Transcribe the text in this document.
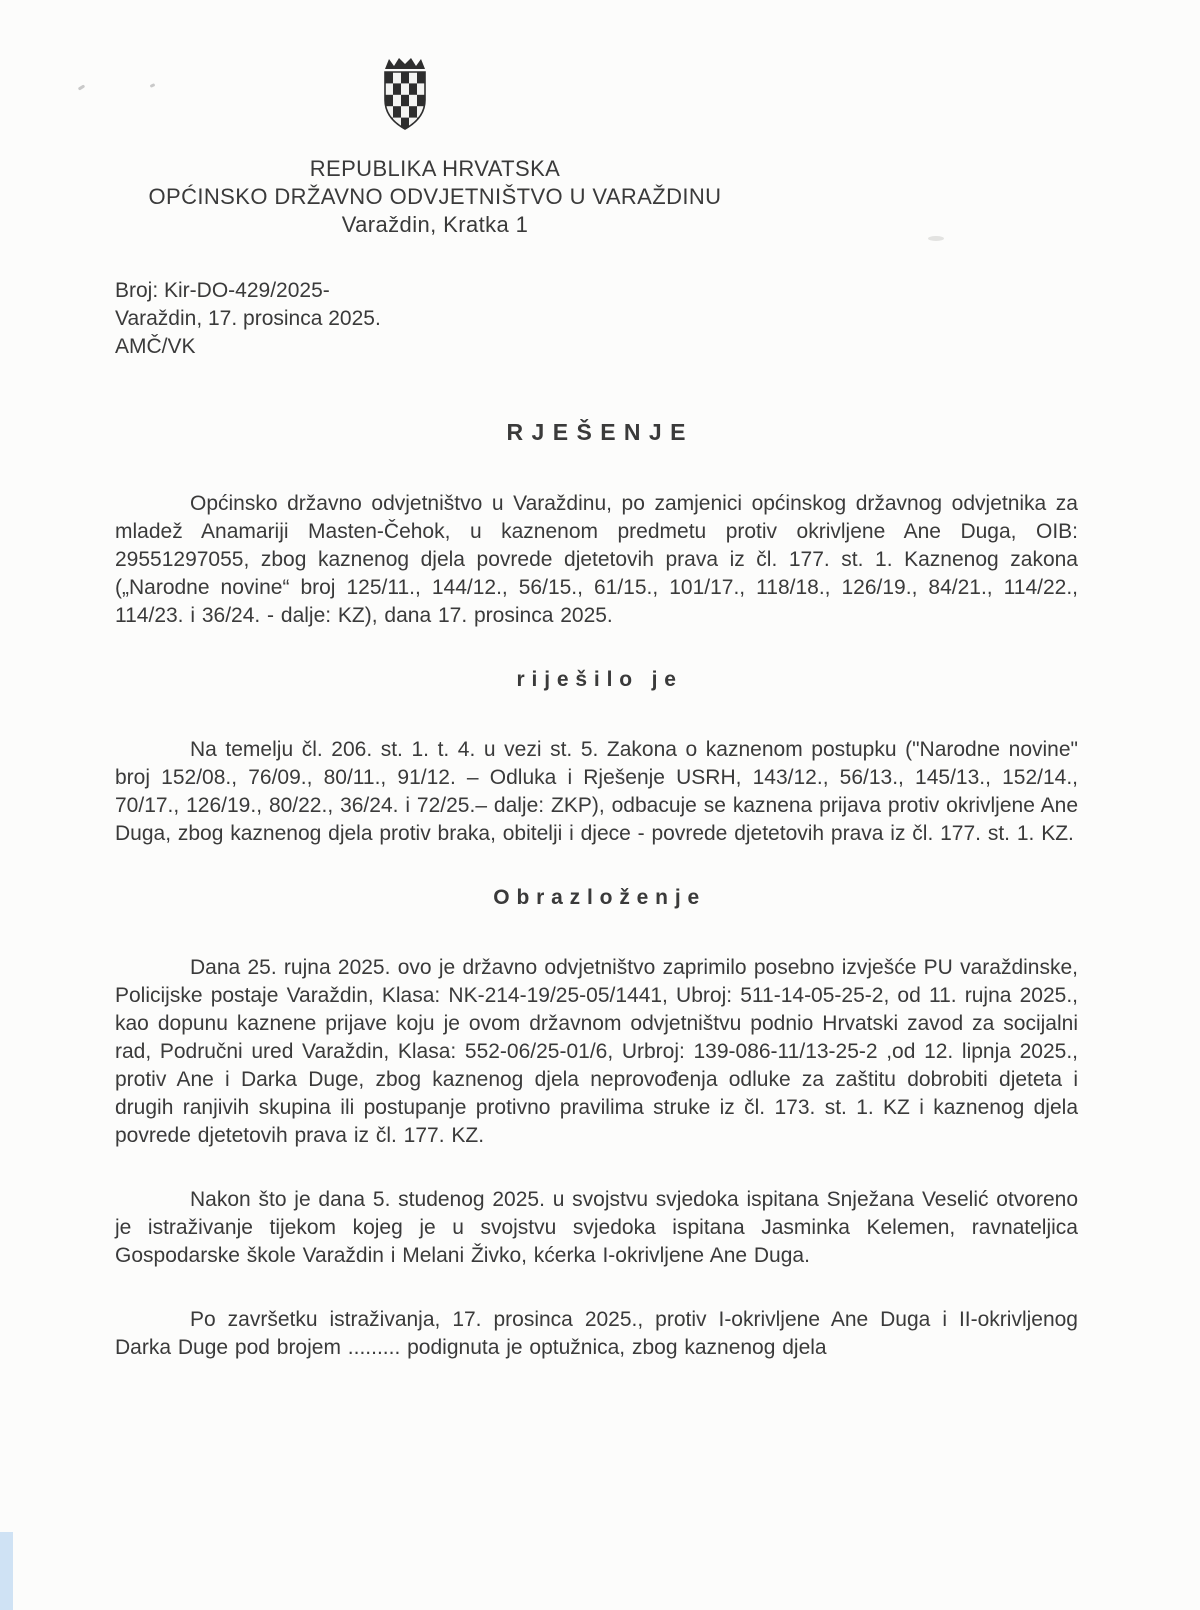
REPUBLIKA HRVATSKA
OPĆINSKO DRŽAVNO ODVJETNIŠTVO U VARAŽDINU
Varaždin, Kratka 1
Broj: Kir-DO-429/2025-
Varaždin, 17. prosinca 2025.
AMČ/VK
R J E Š E N J E

Općinsko državno odvjetništvo u Varaždinu, po zamjenici općinskog državnog odvjetnika za mladež Anamariji Masten-Čehok, u kaznenom predmetu protiv okrivljene Ane Duga, OIB: 29551297055, zbog kaznenog djela povrede djetetovih prava iz čl. 177. st. 1. Kaznenog zakona („Narodne novine“ broj 125/11., 144/12., 56/15., 61/15., 101/17., 118/18., 126/19., 84/21., 114/22., 114/23. i 36/24. - dalje: KZ), dana 17. prosinca 2025.

r i j e š i l o   j e

Na temelju čl. 206. st. 1. t. 4. u vezi st. 5. Zakona o kaznenom postupku ("Narodne novine" broj 152/08., 76/09., 80/11., 91/12. – Odluka i Rješenje USRH, 143/12., 56/13., 145/13., 152/14., 70/17., 126/19., 80/22., 36/24. i 72/25.– dalje: ZKP), odbacuje se kaznena prijava protiv okrivljene Ane Duga, zbog kaznenog djela protiv braka, obitelji i djece - povrede djetetovih prava iz čl. 177. st. 1. KZ.

O b r a z l o ž e n j e

Dana 25. rujna 2025. ovo je državno odvjetništvo zaprimilo posebno izvješće PU varaždinske, Policijske postaje Varaždin, Klasa: NK-214-19/25-05/1441, Ubroj: 511-14-05-25-2, od 11. rujna 2025., kao dopunu kaznene prijave koju je ovom državnom odvjetništvu podnio Hrvatski zavod za socijalni rad, Područni ured Varaždin, Klasa: 552-06/25-01/6, Urbroj: 139-086-11/13-25-2 ,od 12. lipnja 2025., protiv Ane i Darka Duge, zbog kaznenog djela neprovođenja odluke za zaštitu dobrobiti djeteta i drugih ranjivih skupina ili postupanje protivno pravilima struke iz čl. 173. st. 1. KZ i kaznenog djela povrede djetetovih prava iz čl. 177. KZ.

Nakon što je dana 5. studenog 2025. u svojstvu svjedoka ispitana Snježana Veselić otvoreno je istraživanje tijekom kojeg je u svojstvu svjedoka ispitana Jasminka Kelemen, ravnateljica Gospodarske škole Varaždin i Melani Živko, kćerka I-okrivljene Ane Duga.

Po završetku istraživanja, 17. prosinca 2025., protiv I-okrivljene Ane Duga i II-okrivljenog Darka Duge pod brojem ......... podignuta je optužnica, zbog kaznenog djela
